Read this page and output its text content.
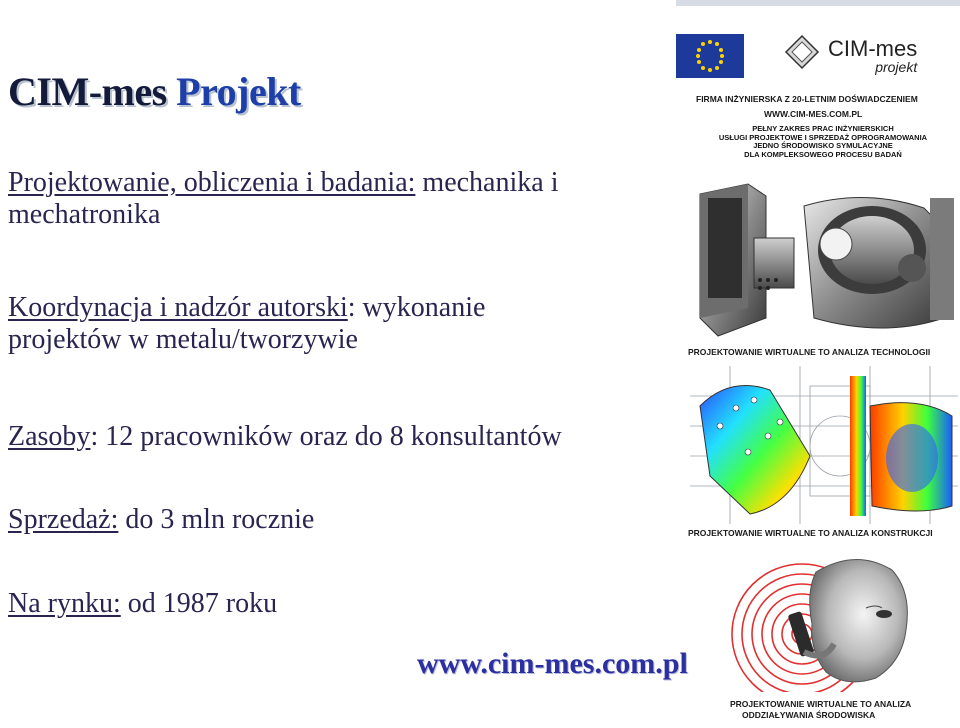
CIM-mes Projekt
Projektowanie, obliczenia i badania: mechanika i
mechatronika
Koordynacja i nadzór autorski: wykonanie
projektów w metalu/tworzywie
Zasoby: 12 pracowników oraz do 8 konsultantów
Sprzedaż: do 3 mln rocznie
Na rynku: od 1987 roku
www.cim-mes.com.pl
CIM-mes
projekt
FIRMA INŻYNIERSKA Z 20-LETNIM DOŚWIADCZENIEM
WWW.CIM-MES.COM.PL
PEŁNY ZAKRES PRAC INŻYNIERSKICH
USŁUGI PROJEKTOWE I SPRZEDAŻ OPROGRAMOWANIA
JEDNO ŚRODOWISKO SYMULACYJNE
DLA KOMPLEKSOWEGO PROCESU BADAŃ
PROJEKTOWANIE WIRTUALNE TO ANALIZA TECHNOLOGII
PROJEKTOWANIE WIRTUALNE TO ANALIZA KONSTRUKCJI
PROJEKTOWANIE WIRTUALNE TO ANALIZA
ODDZIAŁYWANIA ŚRODOWISKA
